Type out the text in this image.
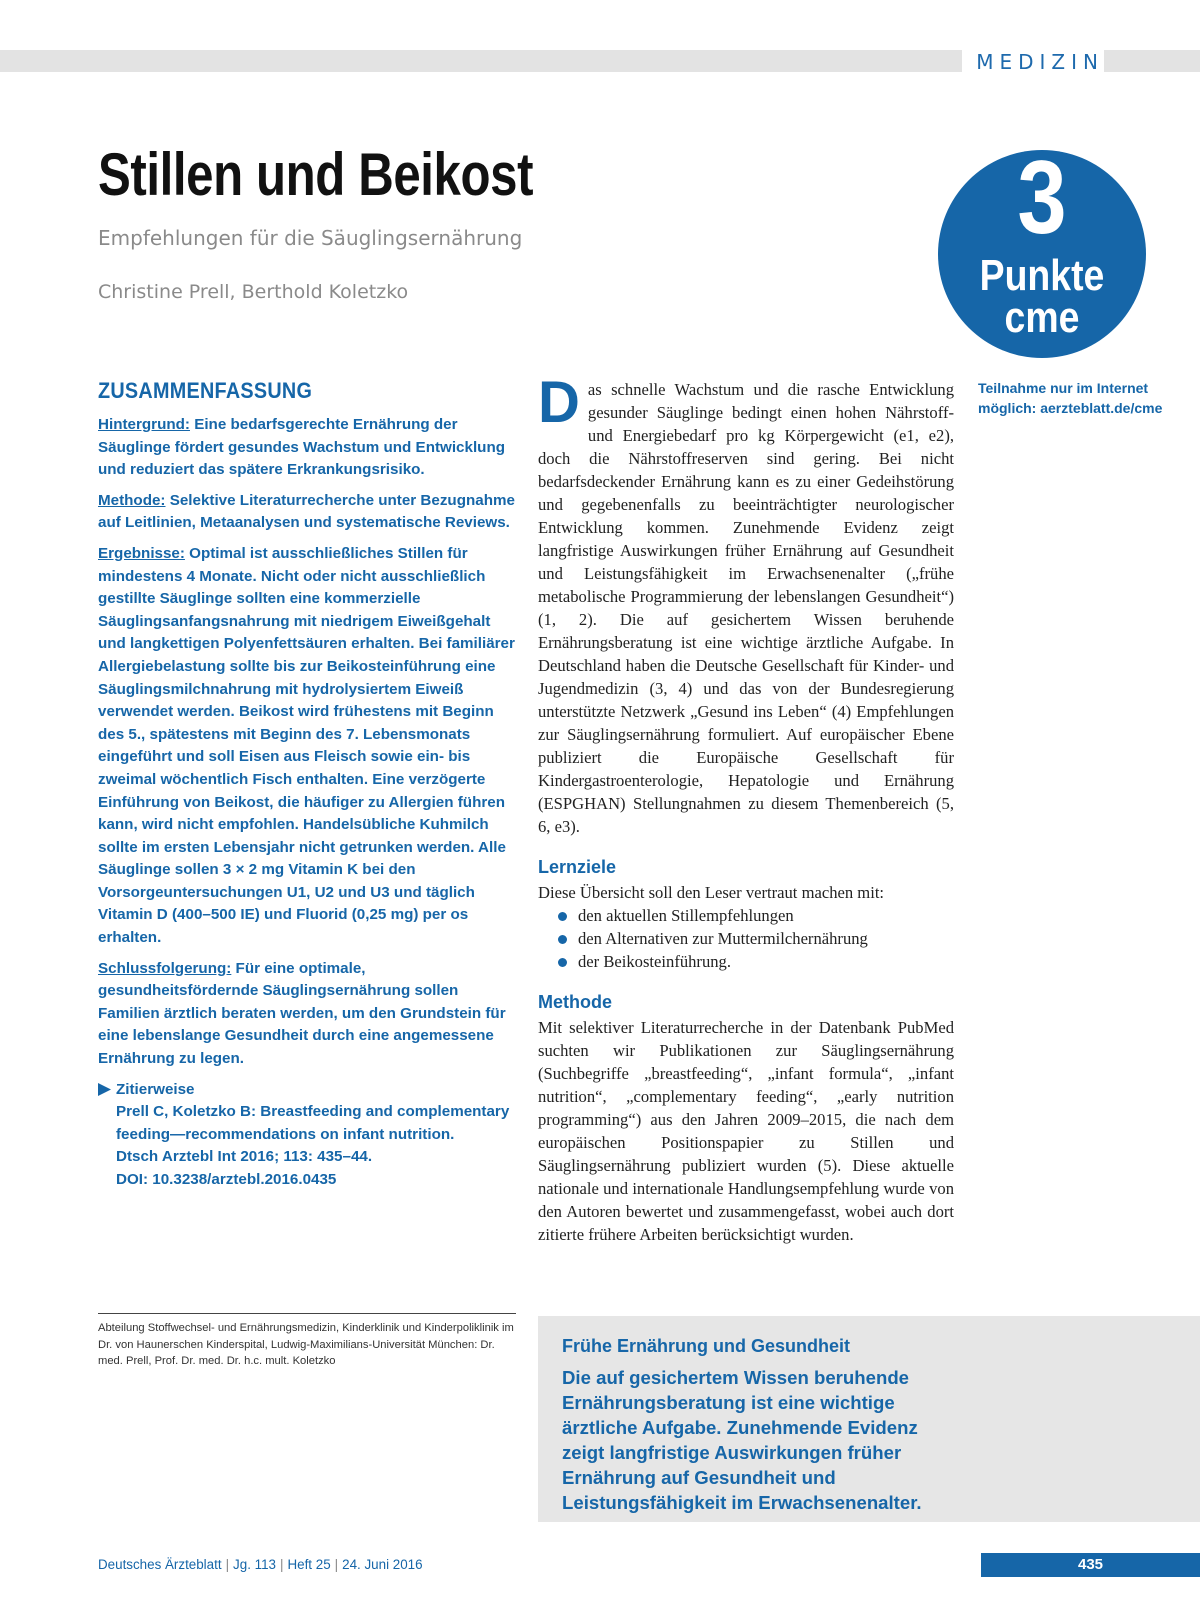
MEDIZIN
Stillen und Beikost
Empfehlungen für die Säuglingsernährung
Christine Prell, Berthold Koletzko
3
Punkte
cme
Teilnahme nur im Internet möglich: aerzteblatt.de/cme
ZUSAMMENFASSUNG

Hintergrund: Eine bedarfsgerechte Ernährung der Säuglinge fördert gesundes Wachstum und Entwicklung und reduziert das spätere Erkrankungsrisiko.

Methode: Selektive Literaturrecherche unter Bezugnahme auf Leitlinien, Metaanalysen und systematische Reviews.

Ergebnisse: Optimal ist ausschließliches Stillen für mindestens 4 Monate. Nicht oder nicht ausschließlich gestillte Säuglinge sollten eine kommerzielle Säuglingsanfangsnahrung mit niedrigem Eiweißgehalt und langkettigen Polyenfettsäuren erhalten. Bei familiärer Allergiebelastung sollte bis zur Beikosteinführung eine Säuglingsmilchnahrung mit hydrolysiertem Eiweiß verwendet werden. Beikost wird frühestens mit Beginn des 5., spätestens mit Beginn des 7. Lebensmonats eingeführt und soll Eisen aus Fleisch sowie ein- bis zweimal wöchentlich Fisch enthalten. Eine verzögerte Einführung von Beikost, die häufiger zu Allergien führen kann, wird nicht empfohlen. Handelsübliche Kuhmilch sollte im ersten Lebensjahr nicht getrunken werden. Alle Säuglinge sollen 3 × 2 mg Vitamin K bei den Vorsorgeuntersuchungen U1, U2 und U3 und täglich Vitamin D (400–500 IE) und Fluorid (0,25 mg) per os erhalten.

Schlussfolgerung: Für eine optimale, gesundheitsfördernde Säuglingsernährung sollen Familien ärztlich beraten werden, um den Grundstein für eine lebenslange Gesundheit durch eine angemessene Ernährung zu legen.

Zitierweise
Prell C, Koletzko B: Breastfeeding and complementary
feeding—recommendations on infant nutrition.
Dtsch Arztebl Int 2016; 113: 435–44.
DOI: 10.3238/arztebl.2016.0435
Abteilung Stoffwechsel- und Ernährungsmedizin, Kinderklinik und Kinderpoliklinik im Dr. von Haunerschen Kinderspital, Ludwig-Maximilians-Universität München: Dr. med. Prell, Prof. Dr. med. Dr. h.c. mult. Koletzko

Das schnelle Wachstum und die rasche Entwicklung gesunder Säuglinge bedingt einen hohen Nährstoff- und Energiebedarf pro kg Körpergewicht (e1, e2), doch die Nährstoffreserven sind gering. Bei nicht bedarfsdeckender Ernährung kann es zu einer Gedeihstörung und gegebenenfalls zu beeinträchtigter neurologischer Entwicklung kommen. Zunehmende Evidenz zeigt langfristige Auswirkungen früher Ernährung auf Gesundheit und Leistungsfähigkeit im Erwachsenenalter („frühe metabolische Programmierung der lebenslangen Gesundheit“) (1, 2). Die auf gesichertem Wissen beruhende Ernährungsberatung ist eine wichtige ärztliche Aufgabe. In Deutschland haben die Deutsche Gesellschaft für Kinder- und Jugendmedizin (3, 4) und das von der Bundesregierung unterstützte Netzwerk „Gesund ins Leben“ (4) Empfehlungen zur Säuglingsernährung formuliert. Auf europäischer Ebene publiziert die Europäische Gesellschaft für Kindergastroenterologie, Hepatologie und Ernährung (ESPGHAN) Stellungnahmen zu diesem Themenbereich (5, 6, e3).

Lernziele

Diese Übersicht soll den Leser vertraut machen mit:

den aktuellen Stillempfehlungen
den Alternativen zur Muttermilchernährung
der Beikosteinführung.
Methode

Mit selektiver Literaturrecherche in der Datenbank PubMed suchten wir Publikationen zur Säuglingsernährung (Suchbegriffe „breastfeeding“, „infant formula“, „infant nutrition“, „complementary feeding“, „early nutrition programming“) aus den Jahren 2009–2015, die nach dem europäischen Positionspapier zu Stillen und Säuglingsernährung publiziert wurden (5). Diese aktuelle nationale und internationale Handlungsempfehlung wurde von den Autoren bewertet und zusammengefasst, wobei auch dort zitierte frühere Arbeiten berücksichtigt wurden.

Frühe Ernährung und Gesundheit

Die auf gesichertem Wissen beruhende Ernährungsberatung ist eine wichtige ärztliche Aufgabe. Zunehmende Evidenz zeigt langfristige Auswirkungen früher Ernährung auf Gesundheit und Leistungsfähigkeit im Erwachsenenalter.

Deutsches Ärzteblatt | Jg. 113 | Heft 25 | 24. Juni 2016	435
